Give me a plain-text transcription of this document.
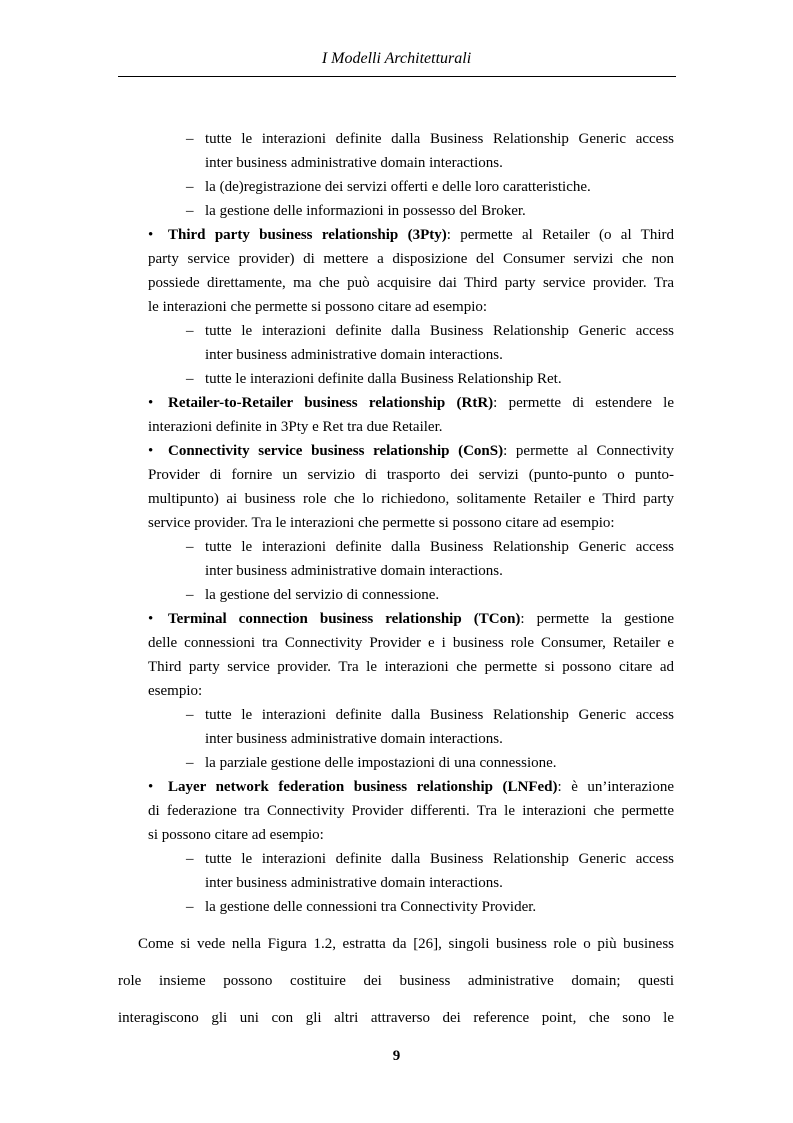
I Modelli Architetturali
– tutte le interazioni definite dalla Business Relationship Generic access
inter business administrative domain interactions.
– la (de)registrazione dei servizi offerti e delle loro caratteristiche.
– la gestione delle informazioni in possesso del Broker.
• Third party business relationship (3Pty): permette al Retailer (o al Third
party service provider) di mettere a disposizione del Consumer servizi che non
possiede direttamente, ma che può acquisire dai Third party service provider. Tra
le interazioni che permette si possono citare ad esempio:
– tutte le interazioni definite dalla Business Relationship Generic access
inter business administrative domain interactions.
– tutte le interazioni definite dalla Business Relationship Ret.
• Retailer-to-Retailer business relationship (RtR): permette di estendere le
interazioni definite in 3Pty e Ret tra due Retailer.
• Connectivity service business relationship (ConS): permette al Connectivity
Provider di fornire un servizio di trasporto dei servizi (punto-punto o punto-
multipunto) ai business role che lo richiedono, solitamente Retailer e Third party
service provider. Tra le interazioni che permette si possono citare ad esempio:
– tutte le interazioni definite dalla Business Relationship Generic access
inter business administrative domain interactions.
– la gestione del servizio di connessione.
• Terminal connection business relationship (TCon): permette la gestione
delle connessioni tra Connectivity Provider e i business role Consumer, Retailer e
Third party service provider. Tra le interazioni che permette si possono citare ad
esempio:
– tutte le interazioni definite dalla Business Relationship Generic access
inter business administrative domain interactions.
– la parziale gestione delle impostazioni di una connessione.
• Layer network federation business relationship (LNFed): è un’interazione
di federazione tra Connectivity Provider differenti. Tra le interazioni che permette
si possono citare ad esempio:
– tutte le interazioni definite dalla Business Relationship Generic access
inter business administrative domain interactions.
– la gestione delle connessioni tra Connectivity Provider.
Come si vede nella Figura 1.2, estratta da [26], singoli business role o più business
role insieme possono costituire dei business administrative domain; questi
interagiscono gli uni con gli altri attraverso dei reference point, che sono le
9
